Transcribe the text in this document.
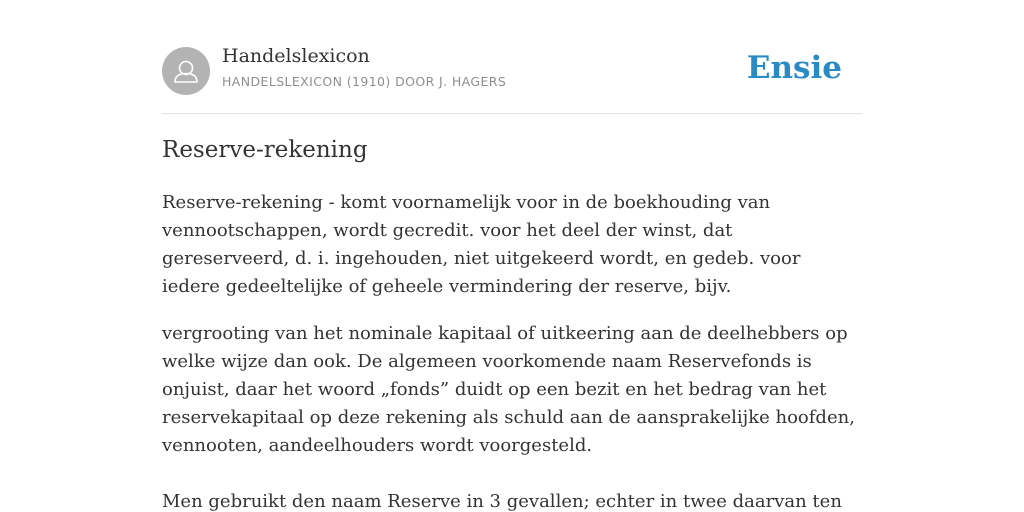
Handelslexicon
HANDELSLEXICON (1910) DOOR J. HAGERS	Ensie
Reserve-rekening

Reserve-rekening - komt voornamelijk voor in de boekhouding van vennootschappen, wordt gecredit. voor het deel der winst, dat gereserveerd, d. i. ingehouden, niet uitgekeerd wordt, en gedeb. voor iedere gedeeltelijke of geheele vermindering der reserve, bijv.

vergrooting van het nominale kapitaal of uitkeering aan de deelhebbers op welke wijze dan ook. De algemeen voorkomende naam Reservefonds is onjuist, daar het woord „fonds” duidt op een bezit en het bedrag van het reservekapitaal op deze rekening als schuld aan de aansprakelijke hoofden, vennooten, aandeelhouders wordt voorgesteld.

Men gebruikt den naam Reserve in 3 gevallen; echter in twee daarvan ten
